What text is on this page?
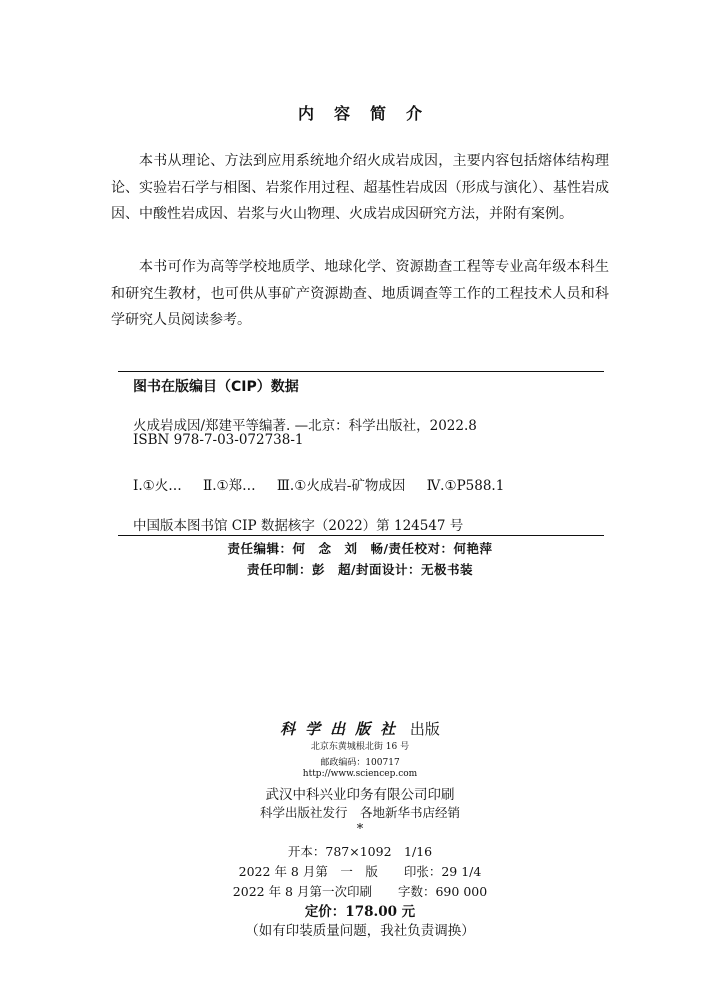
内容简介

本书从理论、方法到应用系统地介绍火成岩成因，主要内容包括熔体结构理论、实验岩石学与相图、岩浆作用过程、超基性岩成因（形成与演化）、基性岩成因、中酸性岩成因、岩浆与火山物理、火成岩成因研究方法，并附有案例。

本书可作为高等学校地质学、地球化学、资源勘查工程等专业高年级本科生和研究生教材，也可供从事矿产资源勘查、地质调查等工作的工程技术人员和科学研究人员阅读参考。

图书在版编目（CIP）数据
火成岩成因/郑建平等编著. —北京：科学出版社，2022.8
ISBN 978-7-03-072738-1
Ⅰ.①火… Ⅱ.①郑… Ⅲ.①火成岩-矿物成因 Ⅳ.①P588.1
中国版本图书馆 CIP 数据核字（2022）第 124547 号
责任编辑：何　念　刘　畅/责任校对：何艳萍
责任印制：彭　超/封面设计：无极书装
科学出版社 出版
北京东黄城根北街 16 号
邮政编码：100717
http://www.sciencep.com
武汉中科兴业印务有限公司印刷
科学出版社发行　各地新华书店经销
*
开本：787×1092　1/16
2022 年 8 月第　一　版 印张：29 1/4
2022 年 8 月第一次印刷 字数：690 000
定价：178.00 元
（如有印装质量问题，我社负责调换）
